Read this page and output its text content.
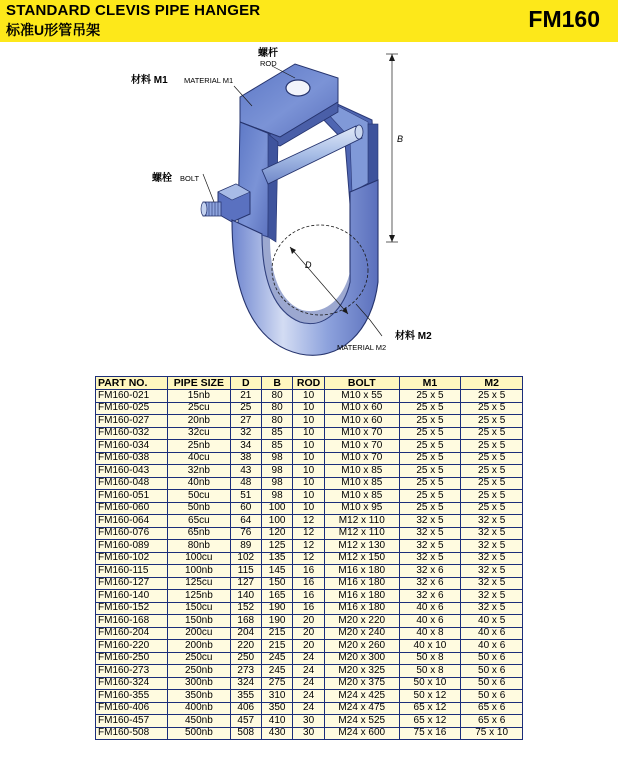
STANDARD CLEVIS PIPE HANGER
标准U形管吊架	FM160
B
D
螺杆
ROD
材料 M1 MATERIAL M1
螺栓 BOLT
材料 M2
MATERIAL M2
PART NO.	PIPE SIZE	D	B	ROD	BOLT	M1	M2
FM160-021	15nb	21	80	10	M10 x 55	25 x 5	25 x 5
FM160-025	25cu	25	80	10	M10 x 60	25 x 5	25 x 5
FM160-027	20nb	27	80	10	M10 x 60	25 x 5	25 x 5
FM160-032	32cu	32	85	10	M10 x 70	25 x 5	25 x 5
FM160-034	25nb	34	85	10	M10 x 70	25 x 5	25 x 5
FM160-038	40cu	38	98	10	M10 x 70	25 x 5	25 x 5
FM160-043	32nb	43	98	10	M10 x 85	25 x 5	25 x 5
FM160-048	40nb	48	98	10	M10 x 85	25 x 5	25 x 5
FM160-051	50cu	51	98	10	M10 x 85	25 x 5	25 x 5
FM160-060	50nb	60	100	10	M10 x 95	25 x 5	25 x 5
FM160-064	65cu	64	100	12	M12 x 110	32 x 5	32 x 5
FM160-076	65nb	76	120	12	M12 x 110	32 x 5	32 x 5
FM160-089	80nb	89	125	12	M12 x 130	32 x 5	32 x 5
FM160-102	100cu	102	135	12	M12 x 150	32 x 5	32 x 5
FM160-115	100nb	115	145	16	M16 x 180	32 x 6	32 x 5
FM160-127	125cu	127	150	16	M16 x 180	32 x 6	32 x 5
FM160-140	125nb	140	165	16	M16 x 180	32 x 6	32 x 5
FM160-152	150cu	152	190	16	M16 x 180	40 x 6	32 x 5
FM160-168	150nb	168	190	20	M20 x 220	40 x 6	40 x 5
FM160-204	200cu	204	215	20	M20 x 240	40 x 8	40 x 6
FM160-220	200nb	220	215	20	M20 x 260	40 x 10	40 x 6
FM160-250	250cu	250	245	24	M20 x 300	50 x 8	50 x 6
FM160-273	250nb	273	245	24	M20 x 325	50 x 8	50 x 6
FM160-324	300nb	324	275	24	M20 x 375	50 x 10	50 x 6
FM160-355	350nb	355	310	24	M24 x 425	50 x 12	50 x 6
FM160-406	400nb	406	350	24	M24 x 475	65 x 12	65 x 6
FM160-457	450nb	457	410	30	M24 x 525	65 x 12	65 x 6
FM160-508	500nb	508	430	30	M24 x 600	75 x 16	75 x 10
